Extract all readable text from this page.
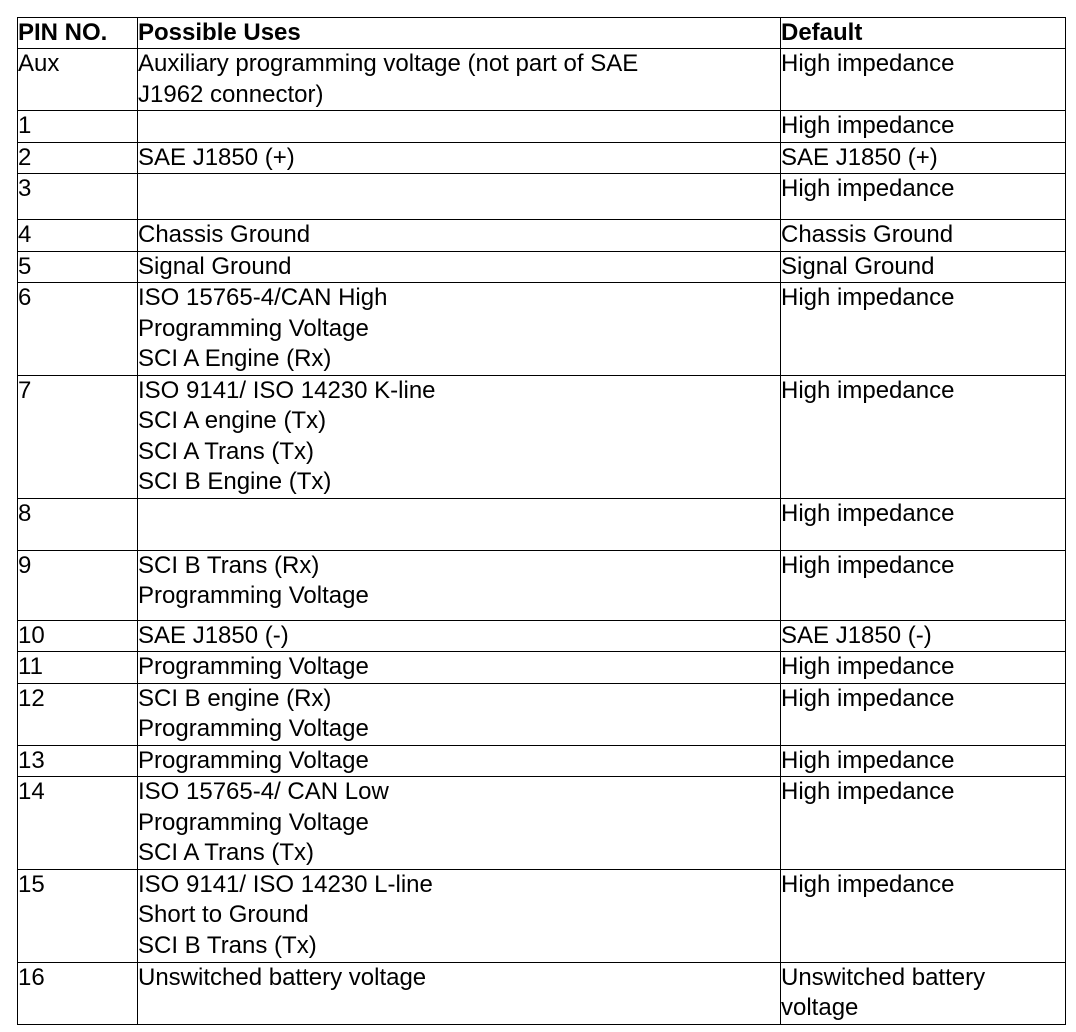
PIN NO.	Possible Uses	Default

Aux	Auxiliary programming voltage (not part of SAE
J1962 connector)	High impedance

1		High impedance

2	SAE J1850 (+)	SAE J1850 (+)

3		High impedance

4	Chassis Ground	Chassis Ground

5	Signal Ground	Signal Ground

6	ISO 15765-4/CAN High
Programming Voltage
SCI A Engine (Rx)	High impedance

7	ISO 9141/ ISO 14230 K-line
SCI A engine (Tx)
SCI A Trans (Tx)
SCI B Engine (Tx)	High impedance

8		High impedance

9	SCI B Trans (Rx)
Programming Voltage	High impedance

10	SAE J1850 (-)	SAE J1850 (-)

11	Programming Voltage	High impedance

12	SCI B engine (Rx)
Programming Voltage	High impedance

13	Programming Voltage	High impedance

14	ISO 15765-4/ CAN Low
Programming Voltage
SCI A Trans (Tx)	High impedance

15	ISO 9141/ ISO 14230 L-line
Short to Ground
SCI B Trans (Tx)	High impedance

16	Unswitched battery voltage	Unswitched battery
voltage
